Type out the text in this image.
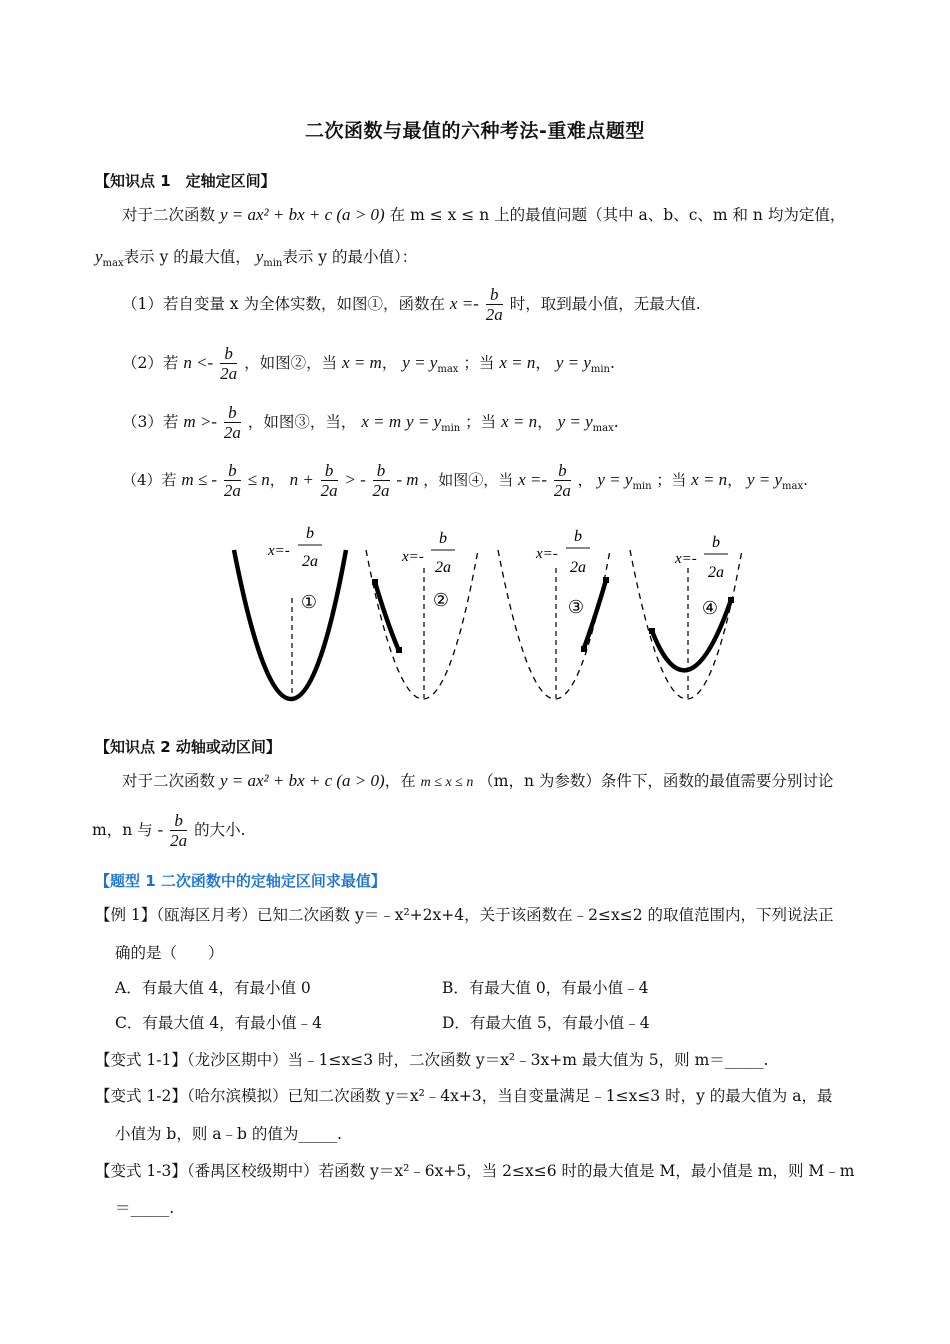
二次函数与最值的六种考法-重难点题型
【知识点 1　定轴定区间】
对于二次函数 y = ax² + bx + c (a > 0) 在 m ≤ x ≤ n 上的最值问题（其中 a、b、c、m 和 n 均为定值，
$y_{max}$表示 y 的最大值， $y_{min}$表示 y 的最小值）：
（1）若自变量 x 为全体实数，如图①，函数在 $x =- \frac{b}{2a}$ 时，取到最小值，无最大值.
（2）若 $n <- \frac{b}{2a}$ ，如图②，当 x = m， $y = y_{max}$ ；当 x = n， $y = y_{min}$.
（3）若 $m >- \frac{b}{2a}$ ，如图③，当， x = m $y = y_{min}$ ；当 x = n， $y = y_{max}$.
（4）若 m ≤ - $\frac{b}{2a} \le n$， $n + \frac{b}{2a}$ > - $\frac{b}{2a}$ - m ，如图④，当 $x =- \frac{b}{2a}$ ， $y = y_{min}$ ；当 x = n， $y = y_{max}$.
x=-
b
2a
①
x=-
b
2a
②
x=-
b
2a
③
x=-
b
2a
④
【知识点 2 动轴或动区间】
对于二次函数 y = ax² + bx + c (a > 0)，在 m ≤ x ≤ n （m，n 为参数）条件下，函数的最值需要分别讨论
m，n 与 - $\frac{b}{2a}$ 的大小.
【题型 1 二次函数中的定轴定区间求最值】
【例 1】（瓯海区月考）已知二次函数 y＝﹣x²+2x+4，关于该函数在﹣2≤x≤2 的取值范围内，下列说法正
确的是（　　）
A．有最大值 4，有最小值 0	B．有最大值 0，有最小值﹣4
C．有最大值 4，有最小值﹣4	D．有最大值 5，有最小值﹣4
【变式 1-1】（龙沙区期中）当﹣1≤x≤3 时，二次函数 y＝x²﹣3x+m 最大值为 5，则 m＝_____.
【变式 1-2】（哈尔滨模拟）已知二次函数 y＝x²﹣4x+3，当自变量满足﹣1≤x≤3 时，y 的最大值为 a，最
小值为 b，则 a﹣b 的值为_____.
【变式 1-3】（番禺区校级期中）若函数 y＝x²﹣6x+5，当 2≤x≤6 时的最大值是 M，最小值是 m，则 M﹣m
＝_____.
